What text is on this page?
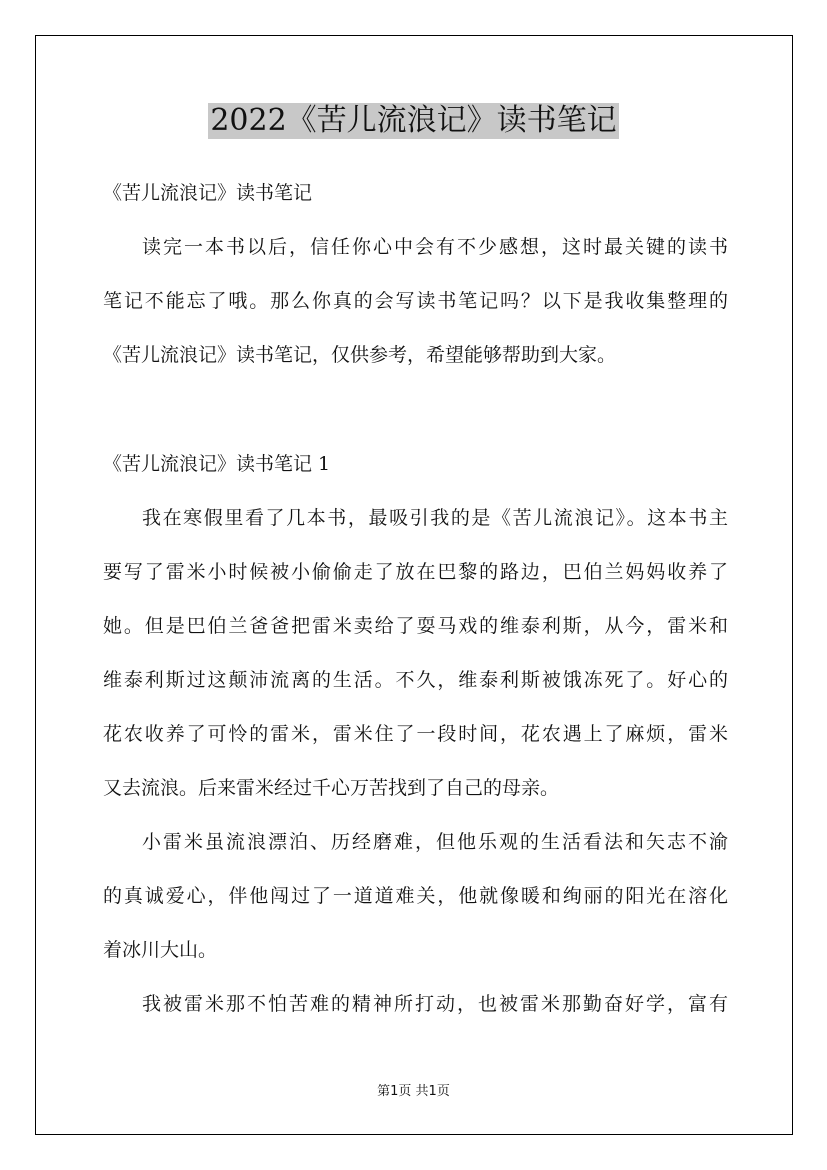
2022《苦儿流浪记》读书笔记
《苦儿流浪记》读书笔记
读完一本书以后，信任你心中会有不少感想，这时最关键的读书
笔记不能忘了哦。那么你真的会写读书笔记吗？以下是我收集整理的
《苦儿流浪记》读书笔记，仅供参考，希望能够帮助到大家。
《苦儿流浪记》读书笔记 1
我在寒假里看了几本书，最吸引我的是《苦儿流浪记》。这本书主
要写了雷米小时候被小偷偷走了放在巴黎的路边，巴伯兰妈妈收养了
她。但是巴伯兰爸爸把雷米卖给了耍马戏的维泰利斯，从今，雷米和
维泰利斯过这颠沛流离的生活。不久，维泰利斯被饿冻死了。好心的
花农收养了可怜的雷米，雷米住了一段时间，花农遇上了麻烦，雷米
又去流浪。后来雷米经过千心万苦找到了自己的母亲。
小雷米虽流浪漂泊、历经磨难，但他乐观的生活看法和矢志不渝
的真诚爱心，伴他闯过了一道道难关，他就像暖和绚丽的阳光在溶化
着冰川大山。
我被雷米那不怕苦难的精神所打动，也被雷米那勤奋好学，富有
第1页 共1页
